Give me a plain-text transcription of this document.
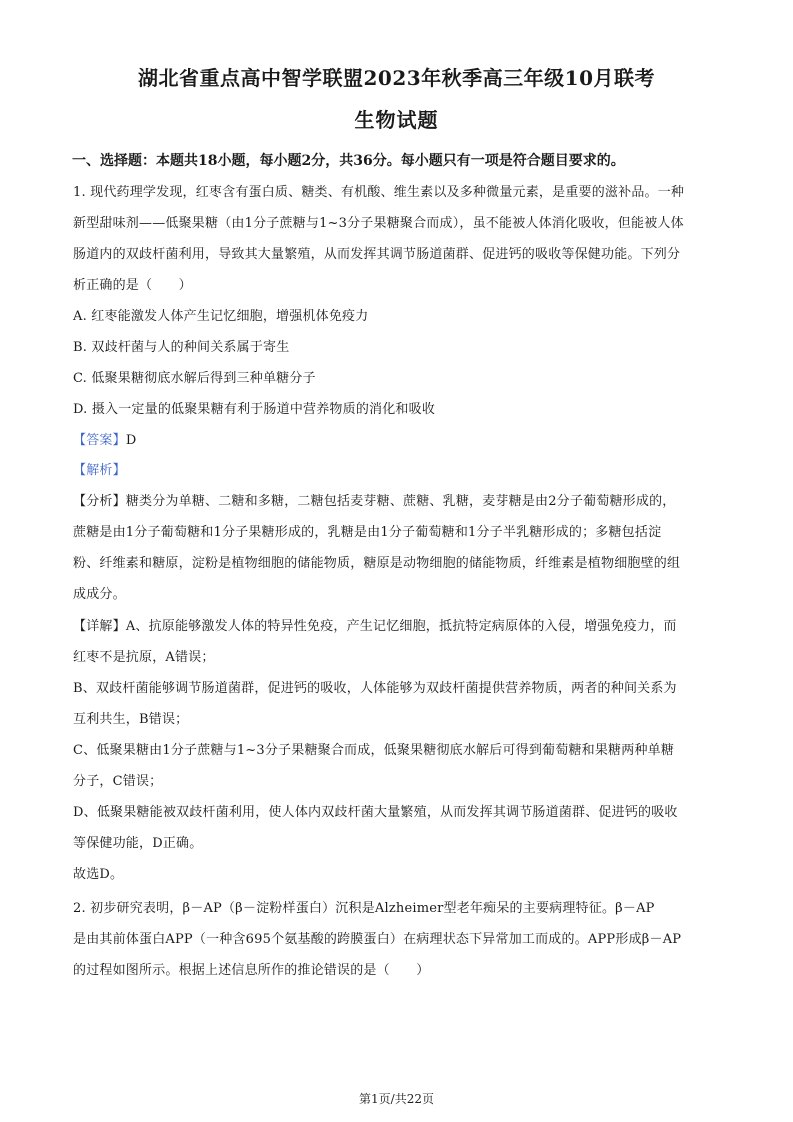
湖北省重点高中智学联盟2023年秋季高三年级10月联考
生物试题
一、选择题：本题共18小题，每小题2分，共36分。每小题只有一项是符合题目要求的。
1. 现代药理学发现，红枣含有蛋白质、糖类、有机酸、维生素以及多种微量元素，是重要的滋补品。一种
新型甜味剂——低聚果糖（由1分子蔗糖与1~3分子果糖聚合而成），虽不能被人体消化吸收，但能被人体
肠道内的双歧杆菌利用，导致其大量繁殖，从而发挥其调节肠道菌群、促进钙的吸收等保健功能。下列分
析正确的是（　　）
A. 红枣能激发人体产生记忆细胞，增强机体免疫力
B. 双歧杆菌与人的种间关系属于寄生
C. 低聚果糖彻底水解后得到三种单糖分子
D. 摄入一定量的低聚果糖有利于肠道中营养物质的消化和吸收
【答案】D
【解析】
【分析】糖类分为单糖、二糖和多糖，二糖包括麦芽糖、蔗糖、乳糖，麦芽糖是由2分子葡萄糖形成的，
蔗糖是由1分子葡萄糖和1分子果糖形成的，乳糖是由1分子葡萄糖和1分子半乳糖形成的；多糖包括淀
粉、纤维素和糖原，淀粉是植物细胞的储能物质，糖原是动物细胞的储能物质，纤维素是植物细胞壁的组
成成分。
【详解】A、抗原能够激发人体的特异性免疫，产生记忆细胞，抵抗特定病原体的入侵，增强免疫力，而
红枣不是抗原，A错误；
B、双歧杆菌能够调节肠道菌群，促进钙的吸收，人体能够为双歧杆菌提供营养物质，两者的种间关系为
互利共生，B错误；
C、低聚果糖由1分子蔗糖与1~3分子果糖聚合而成，低聚果糖彻底水解后可得到葡萄糖和果糖两种单糖
分子，C错误；
D、低聚果糖能被双歧杆菌利用，使人体内双歧杆菌大量繁殖，从而发挥其调节肠道菌群、促进钙的吸收
等保健功能，D正确。
故选D。
2. 初步研究表明，β－AP（β－淀粉样蛋白）沉积是Alzheimer型老年痴呆的主要病理特征。β－AP
是由其前体蛋白APP（一种含695个氨基酸的跨膜蛋白）在病理状态下异常加工而成的。APP形成β－AP
的过程如图所示。根据上述信息所作的推论错误的是（　　）
第1页/共22页
